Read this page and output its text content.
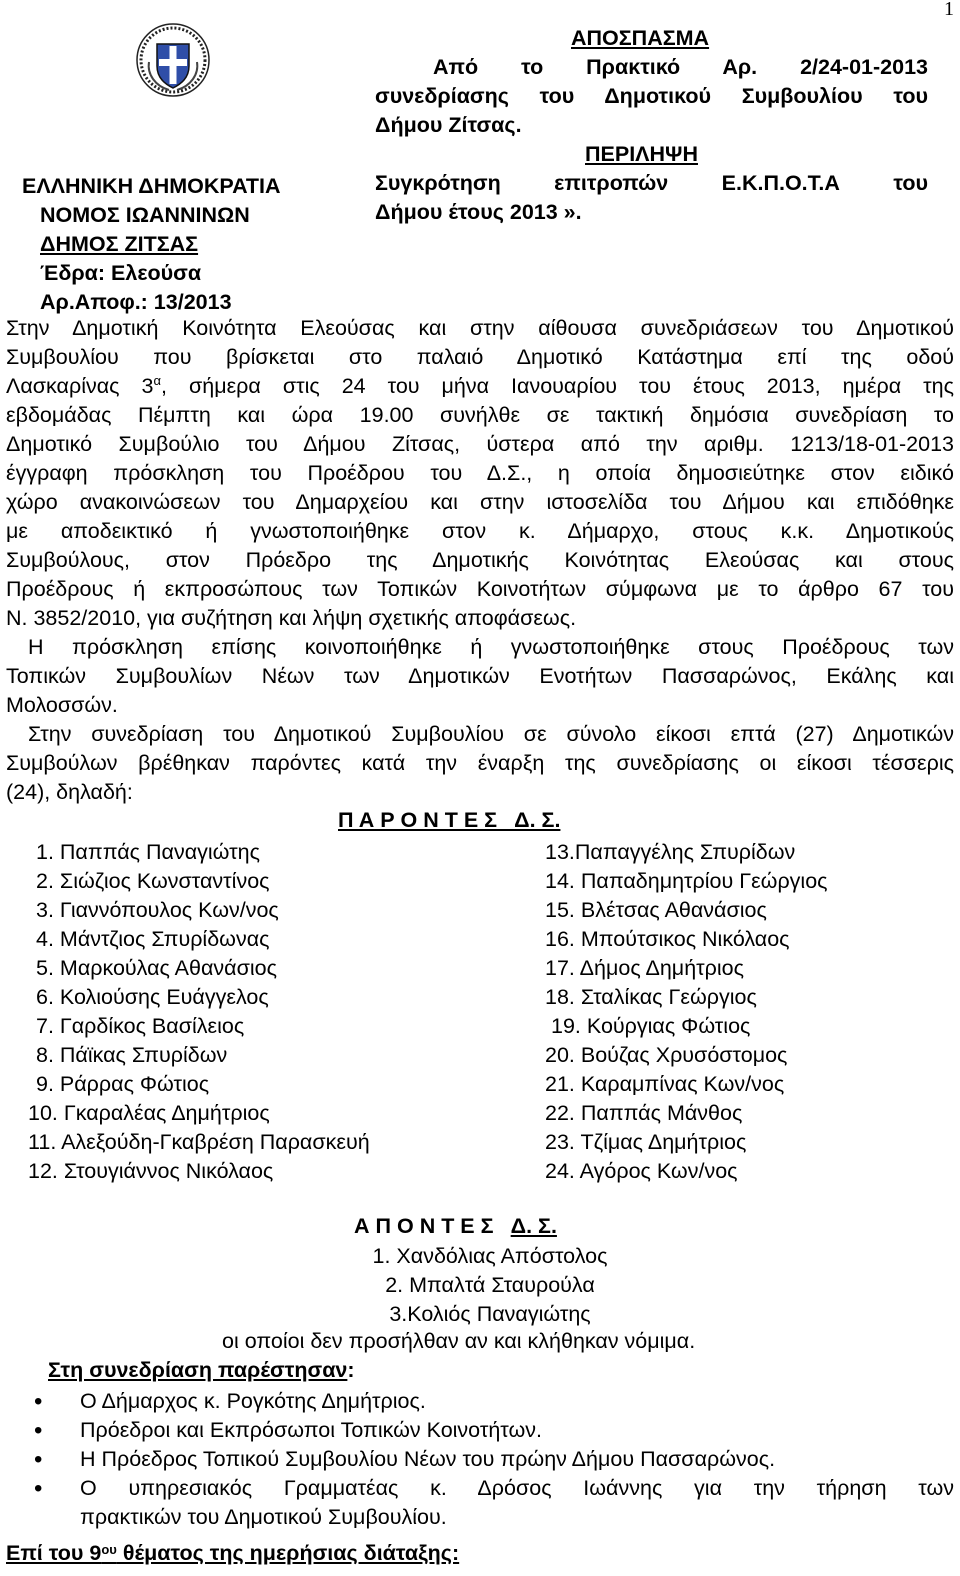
1
ΕΛΛΗΝΙΚΗ ΔΗΜΟΚΡΑΤΙΑ
ΝΟΜΟΣ ΙΩΑΝΝΙΝΩΝ
ΔΗΜΟΣ ΖΙΤΣΑΣ
Έδρα: Ελεούσα
Αρ.Αποφ.: 13/2013
ΑΠΟΣΠΑΣΜΑ
Από το Πρακτικό Αρ. 2/24-01-2013
συνεδρίασης του Δημοτικού Συμβουλίου του
Δήμου Ζίτσας.
ΠΕΡΙΛΗΨΗ
Συγκρότηση επιτροπών Ε.Κ.Π.Ο.Τ.Α του
Δήμου έτους 2013 ».

Στην Δημοτική Κοινότητα Ελεούσας και στην αίθουσα συνεδριάσεων του Δημοτικού
Συμβουλίου που βρίσκεται στο παλαιό Δημοτικό Κατάστημα επί της οδού
Λασκαρίνας $3^\alpha$, σήμερα στις 24 του μήνα Ιανουαρίου του έτους 2013, ημέρα της
εβδομάδας Πέμπτη και ώρα 19.00 συνήλθε σε τακτική δημόσια συνεδρίαση το
Δημοτικό Συμβούλιο του Δήμου Ζίτσας, ύστερα από την αριθμ. 1213/18-01-2013
έγγραφη πρόσκληση του Προέδρου του Δ.Σ., η οποία δημοσιεύτηκε στον ειδικό
χώρο ανακοινώσεων του Δημαρχείου και στην ιστοσελίδα του Δήμου και επιδόθηκε
με αποδεικτικό ή γνωστοποιήθηκε στον κ. Δήμαρχο, στους κ.κ. Δημοτικούς
Συμβούλους, στον Πρόεδρο της Δημοτικής Κοινότητας Ελεούσας και στους
Προέδρους ή εκπροσώπους των Τοπικών Κοινοτήτων σύμφωνα με το άρθρο 67 του
Ν. 3852/2010, για συζήτηση και λήψη σχετικής αποφάσεως.

Η πρόσκληση επίσης κοινοποιήθηκε ή γνωστοποιήθηκε στους Προέδρους των
Τοπικών Συμβουλίων Νέων των Δημοτικών Ενοτήτων Πασσαρώνος, Εκάλης και
Μολοσσών.

Στην συνεδρίαση του Δημοτικού Συμβουλίου σε σύνολο είκοσι επτά (27) Δημοτικών
Συμβούλων βρέθηκαν παρόντες κατά την έναρξη της συνεδρίασης οι είκοσι τέσσερις
(24), δηλαδή:

Π Α Ρ Ο Ν Τ Ε Σ   Δ. Σ.
1. Παππάς Παναγιώτης
2. Σιώζιος Κωνσταντίνος
3. Γιαννόπουλος Κων/νος
4. Μάντζιος Σπυρίδωνας
5. Μαρκούλας Αθανάσιος
6. Κολιούσης Ευάγγελος
7. Γαρδίκος Βασίλειος
8. Πάϊκας Σπυρίδων
9. Ράρρας Φώτιος
10. Γκαραλέας Δημήτριος
11. Αλεξούδη-Γκαβρέση Παρασκευή
12. Στουγιάννος Νικόλαος
13.Παπαγγέλης Σπυρίδων
14. Παπαδημητρίου Γεώργιος
15. Βλέτσας Αθανάσιος
16. Μπούτσικος Νικόλαος
17. Δήμος Δημήτριος
18. Σταλίκας Γεώργιος
19. Κούργιας Φώτιος
20. Βούζας Χρυσόστομος
21. Καραμπίνας Κων/νος
22. Παππάς Μάνθος
23. Τζίμας Δημήτριος
24. Αγόρος Κων/νος
Α Π Ο Ν Τ Ε Σ Δ. Σ.
1. Χανδόλιας Απόστολος
2. Μπαλτά Σταυρούλα
3.Κολιός Παναγιώτης
οι οποίοι δεν προσήλθαν αν και κλήθηκαν νόμιμα.
Στη συνεδρίαση παρέστησαν:
• Ο Δήμαρχος κ. Ρογκότης Δημήτριος.
• Πρόεδροι και Εκπρόσωποι Τοπικών Κοινοτήτων.
• Η Πρόεδρος Τοπικού Συμβουλίου Νέων του πρώην Δήμου Πασσαρώνος.
• Ο υπηρεσιακός Γραμματέας κ. Δρόσος Ιωάννης για την τήρηση των
πρακτικών του Δημοτικού Συμβουλίου.
Επί του $9^{o\upsilon}$ θέματος της ημερήσιας διάταξης:
